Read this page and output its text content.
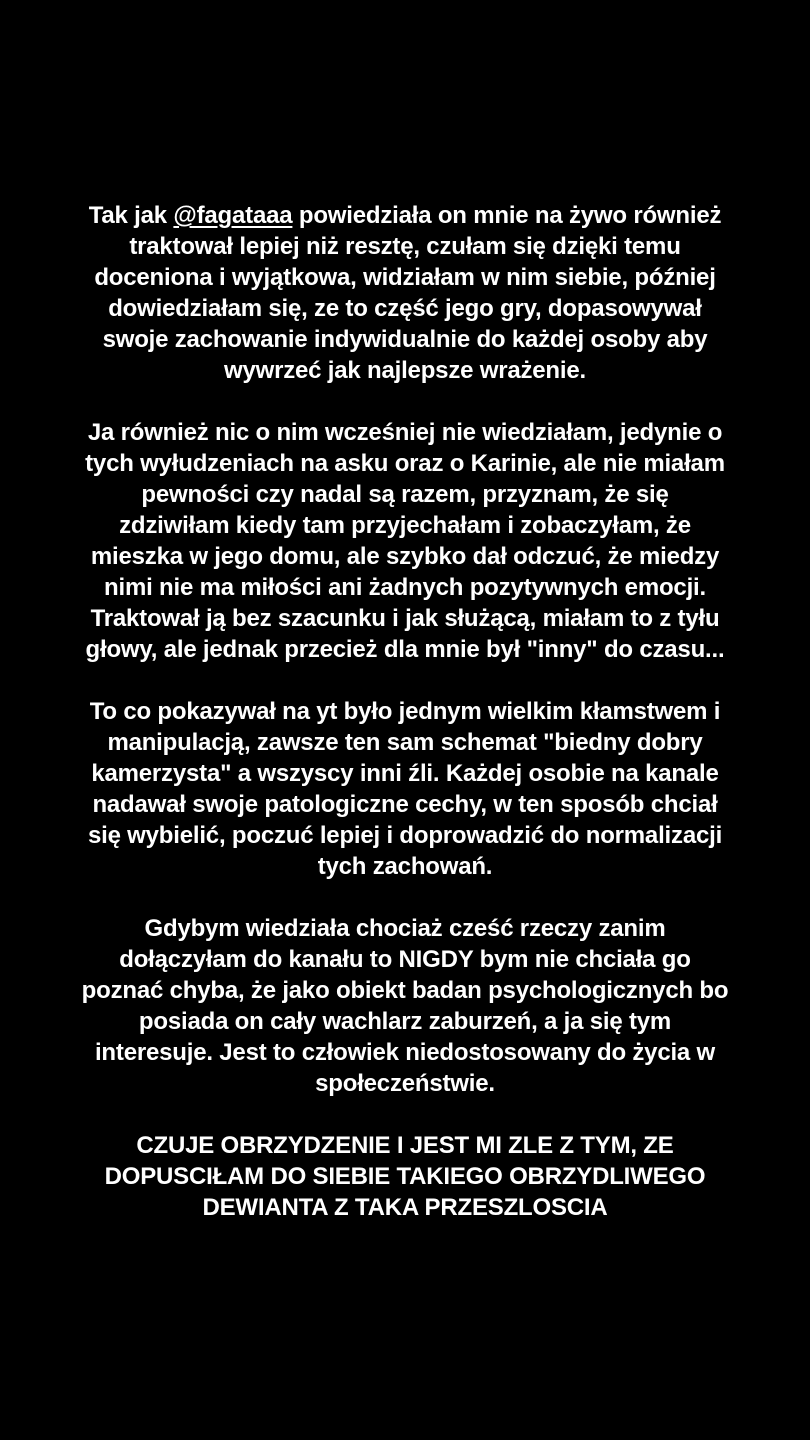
Tak jak @fagataaa powiedziała on mnie na żywo również
traktował lepiej niż resztę, czułam się dzięki temu
doceniona i wyjątkowa, widziałam w nim siebie, później
dowiedziałam się, ze to część jego gry, dopasowywał
swoje zachowanie indywidualnie do każdej osoby aby
wywrzeć jak najlepsze wrażenie.
Ja również nic o nim wcześniej nie wiedziałam, jedynie o
tych wyłudzeniach na asku oraz o Karinie, ale nie miałam
pewności czy nadal są razem, przyznam, że się
zdziwiłam kiedy tam przyjechałam i zobaczyłam, że
mieszka w jego domu, ale szybko dał odczuć, że miedzy
nimi nie ma miłości ani żadnych pozytywnych emocji.
Traktował ją bez szacunku i jak służącą, miałam to z tyłu
głowy, ale jednak przecież dla mnie był "inny" do czasu...
To co pokazywał na yt było jednym wielkim kłamstwem i
manipulacją, zawsze ten sam schemat "biedny dobry
kamerzysta" a wszyscy inni źli. Każdej osobie na kanale
nadawał swoje patologiczne cechy, w ten sposób chciał
się wybielić, poczuć lepiej i doprowadzić do normalizacji
tych zachowań.
Gdybym wiedziała chociaż cześć rzeczy zanim
dołączyłam do kanału to NIGDY bym nie chciała go
poznać chyba, że jako obiekt badan psychologicznych bo
posiada on cały wachlarz zaburzeń, a ja się tym
interesuje. Jest to człowiek niedostosowany do życia w
społeczeństwie.
CZUJE OBRZYDZENIE I JEST MI ZLE Z TYM, ZE
DOPUSCIŁAM DO SIEBIE TAKIEGO OBRZYDLIWEGO
DEWIANTA Z TAKA PRZESZLOSCIA
